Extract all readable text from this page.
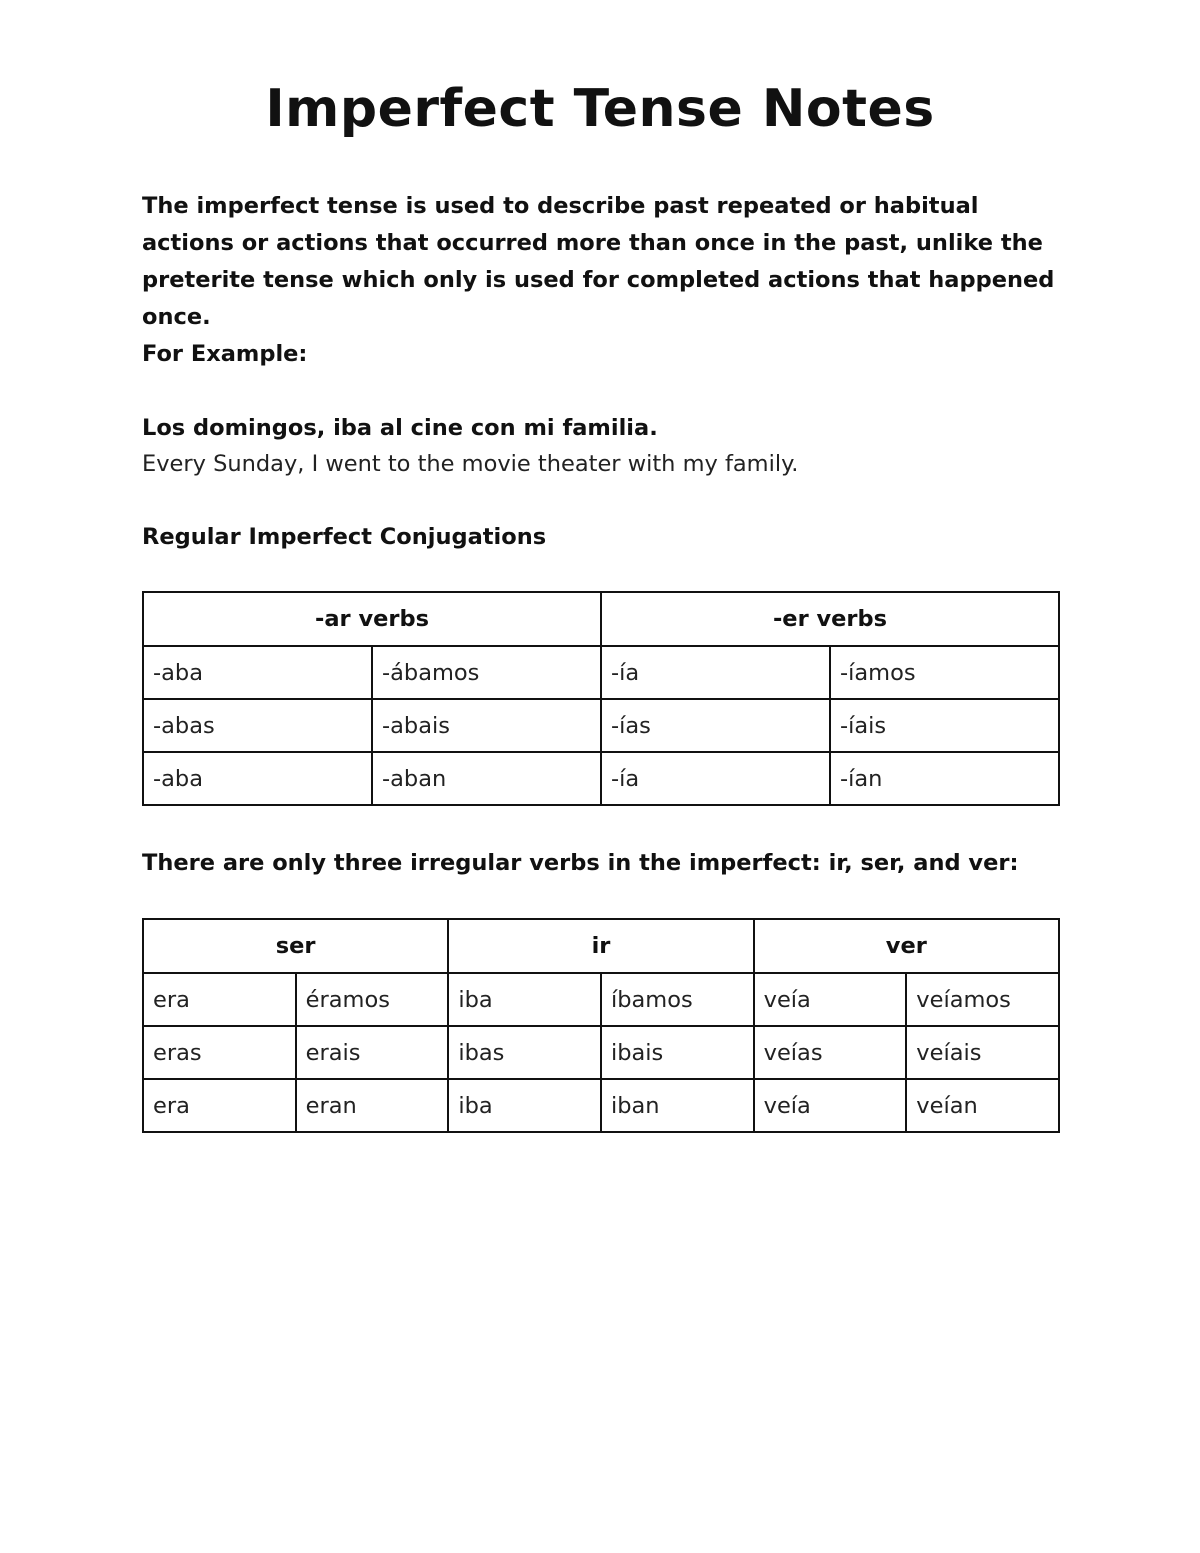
Imperfect Tense Notes
The imperfect tense is used to describe past repeated or habitual actions or actions that occurred more than once in the past, unlike the preterite tense which only is used for completed actions that happened once.
For Example:
Los domingos, iba al cine con mi familia.
Every Sunday, I went to the movie theater with my family.
Regular Imperfect Conjugations
-ar verbs		-er verbs	
-aba	-ábamos	-ía	-íamos
-abas	-abais	-ías	-íais
-aba	-aban	-ía	-ían
There are only three irregular verbs in the imperfect: ir, ser, and ver:
ser		ir		ver	
era	éramos	iba	íbamos	veía	veíamos
eras	erais	ibas	ibais	veías	veíais
era	eran	iba	iban	veía	veían
